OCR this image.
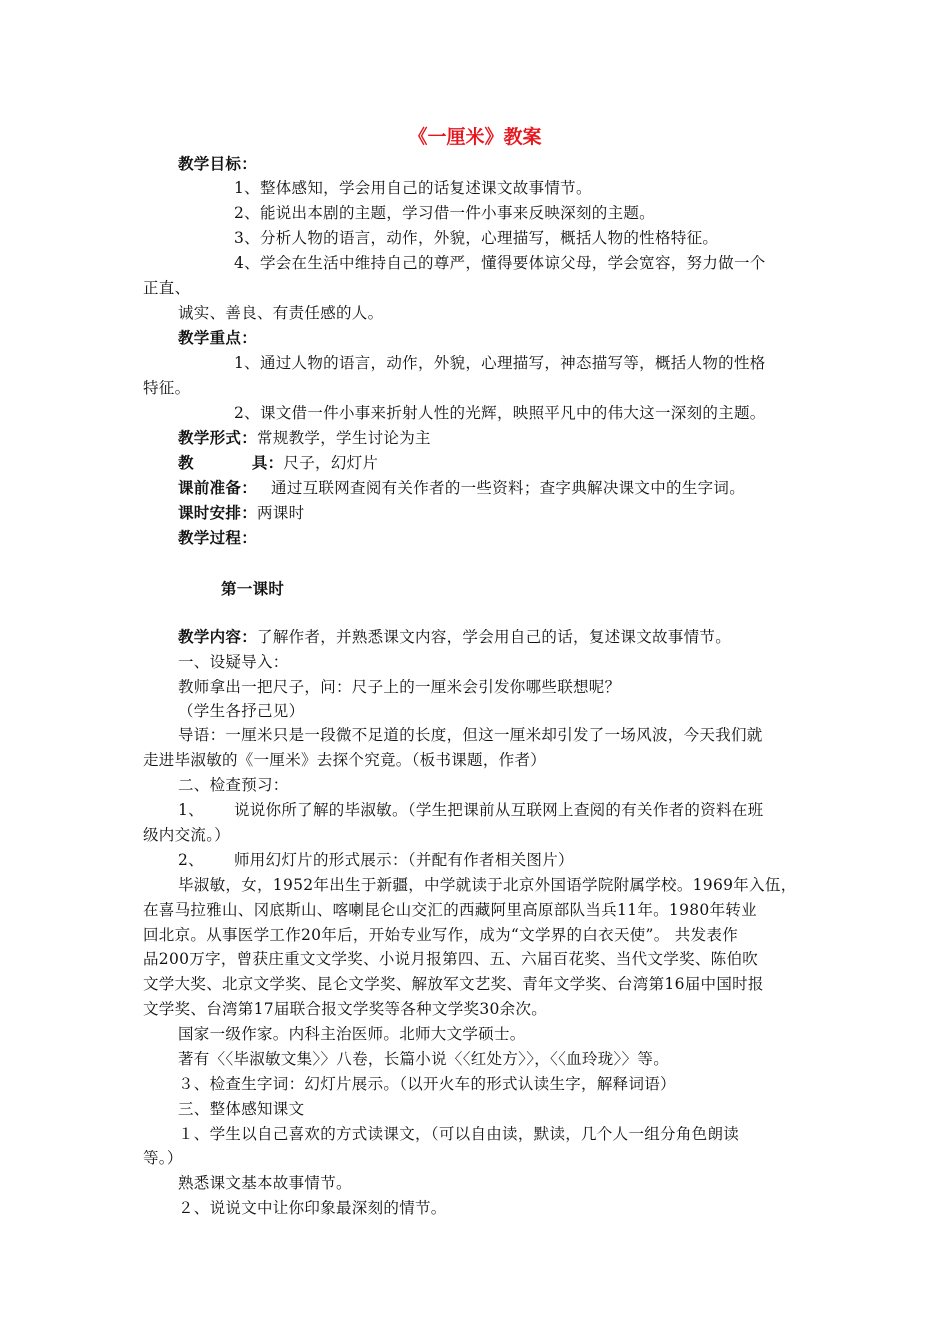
《一厘米》教案
教学目标：
1、整体感知，学会用自己的话复述课文故事情节。
2、能说出本剧的主题，学习借一件小事来反映深刻的主题。
3、分析人物的语言，动作，外貌，心理描写，概括人物的性格特征。
4、学会在生活中维持自己的尊严，懂得要体谅父母，学会宽容，努力做一个
正直、
诚实、善良、有责任感的人。
教学重点：
1、通过人物的语言，动作，外貌，心理描写，神态描写等，概括人物的性格
特征。
2、课文借一件小事来折射人性的光辉，映照平凡中的伟大这一深刻的主题。
教学形式：常规教学，学生讨论为主
教	具：尺子，幻灯片
课前准备： 通过互联网查阅有关作者的一些资料；查字典解决课文中的生字词。
课时安排：两课时
教学过程：
第一课时
教学内容：了解作者，并熟悉课文内容，学会用自己的话，复述课文故事情节。
一、设疑导入：
教师拿出一把尺子，问：尺子上的一厘米会引发你哪些联想呢？
（学生各抒己见）
导语：一厘米只是一段微不足道的长度，但这一厘米却引发了一场风波，今天我们就
走进毕淑敏的《一厘米》去探个究竟。（板书课题，作者）
二、检查预习：
1、 说说你所了解的毕淑敏。（学生把课前从互联网上查阅的有关作者的资料在班
级内交流。）
2、 师用幻灯片的形式展示：（并配有作者相关图片）
毕淑敏，女，1952年出生于新疆，中学就读于北京外国语学院附属学校。1969年入伍，
在喜马拉雅山、冈底斯山、喀喇昆仑山交汇的西藏阿里高原部队当兵11年。1980年转业
回北京。从事医学工作20年后，开始专业写作，成为“文学界的白衣天使”。 共发表作
品200万字，曾获庄重文文学奖、小说月报第四、五、六届百花奖、当代文学奖、陈伯吹
文学大奖、北京文学奖、昆仑文学奖、解放军文艺奖、青年文学奖、台湾第16届中国时报
文学奖、台湾第17届联合报文学奖等各种文学奖30余次。
国家一级作家。内科主治医师。北师大文学硕士。
著有〈〈毕淑敏文集〉〉八卷，长篇小说〈〈红处方〉〉，〈〈血玲珑〉〉等。
３、检查生字词：幻灯片展示。（以开火车的形式认读生字，解释词语）
三、整体感知课文
１、学生以自己喜欢的方式读课文，（可以自由读，默读，几个人一组分角色朗读
等。）
熟悉课文基本故事情节。
２、说说文中让你印象最深刻的情节。
